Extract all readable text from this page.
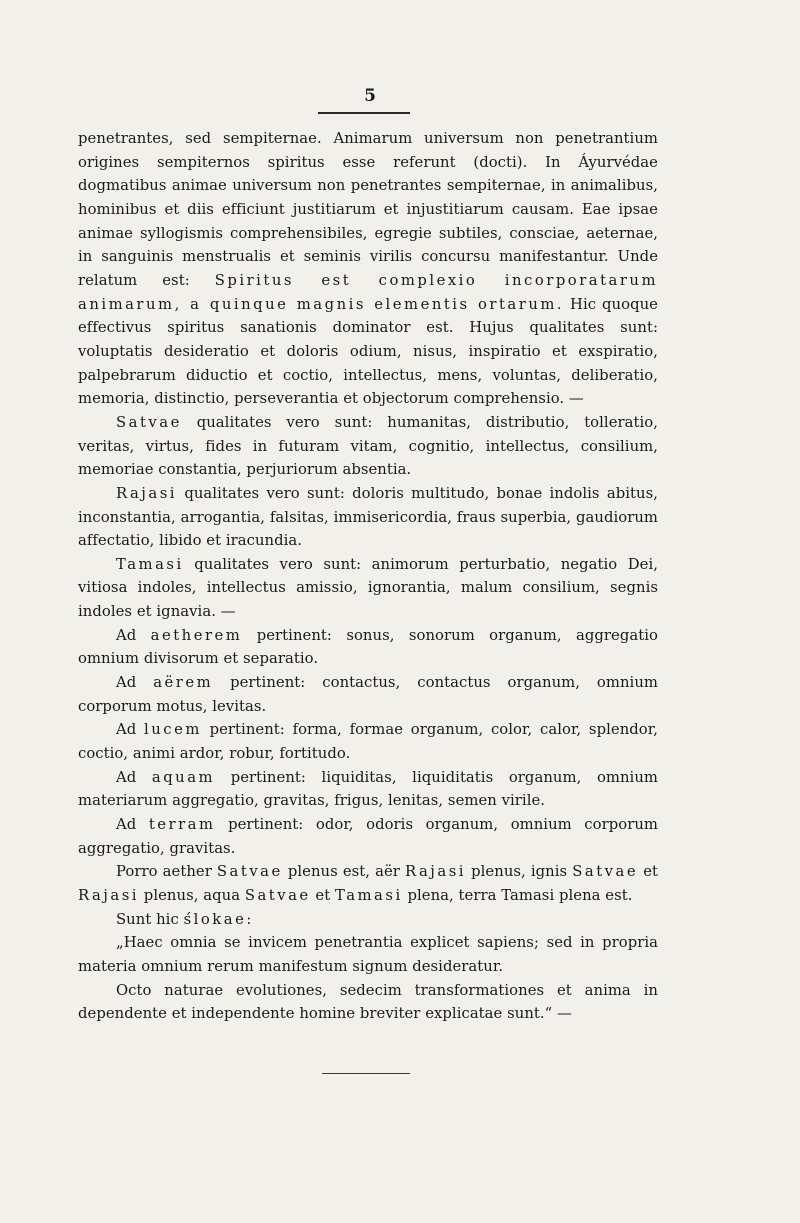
5

penetrantes, sed sempiternae. Animarum universum non penetrantium origines sempiternos spiritus esse referunt (docti). In Áyurvédae dogmatibus animae universum non penetrantes sempiternae, in animalibus, hominibus et diis efficiunt justitiarum et injustitiarum causam. Eae ipsae animae syllogismis comprehensibiles, egregie subtiles, consciae, aeternae, in sanguinis menstrualis et seminis virilis concursu manifestantur. Unde relatum est: Spiritus est complexio incorporatarum animarum, a quinque magnis elementis ortarum. Hic quoque effectivus spiritus sanationis dominator est. Hujus qualitates sunt: voluptatis desideratio et doloris odium, nisus, inspiratio et exspiratio, palpebrarum diductio et coctio, intellectus, mens, voluntas, deliberatio, memoria, distinctio, perseverantia et objectorum comprehensio. —

Satvae qualitates vero sunt: humanitas, distributio, tolleratio, veritas, virtus, fides in futuram vitam, cognitio, intellectus, consilium, memoriae constantia, perjuriorum absentia.

Rajasi qualitates vero sunt: doloris multitudo, bonae indolis abitus, inconstantia, arrogantia, falsitas, immisericordia, fraus superbia, gaudiorum affectatio, libido et iracundia.

Tamasi qualitates vero sunt: animorum perturbatio, negatio Dei, vitiosa indoles, intellectus amissio, ignorantia, malum consilium, segnis indoles et ignavia. —

Ad aetherem pertinent: sonus, sonorum organum, aggregatio omnium divisorum et separatio.

Ad aërem pertinent: contactus, contactus organum, omnium corporum motus, levitas.

Ad lucem pertinent: forma, formae organum, color, calor, splendor, coctio, animi ardor, robur, fortitudo.

Ad aquam pertinent: liquiditas, liquiditatis organum, omnium materiarum aggregatio, gravitas, frigus, lenitas, semen virile.

Ad terram pertinent: odor, odoris organum, omnium corporum aggregatio, gravitas.

Porro aether Satvae plenus est, aër Rajasi plenus, ignis Satvae et Rajasi plenus, aqua Satvae et Tamasi plena, terra Tamasi plena est.

Sunt hic ślokae:

„Haec omnia se invicem penetrantia explicet sapiens; sed in propria materia omnium rerum manifestum signum desideratur.

Octo naturae evolutiones, sedecim transformationes et anima in dependente et independente homine breviter explicatae sunt.“ —
